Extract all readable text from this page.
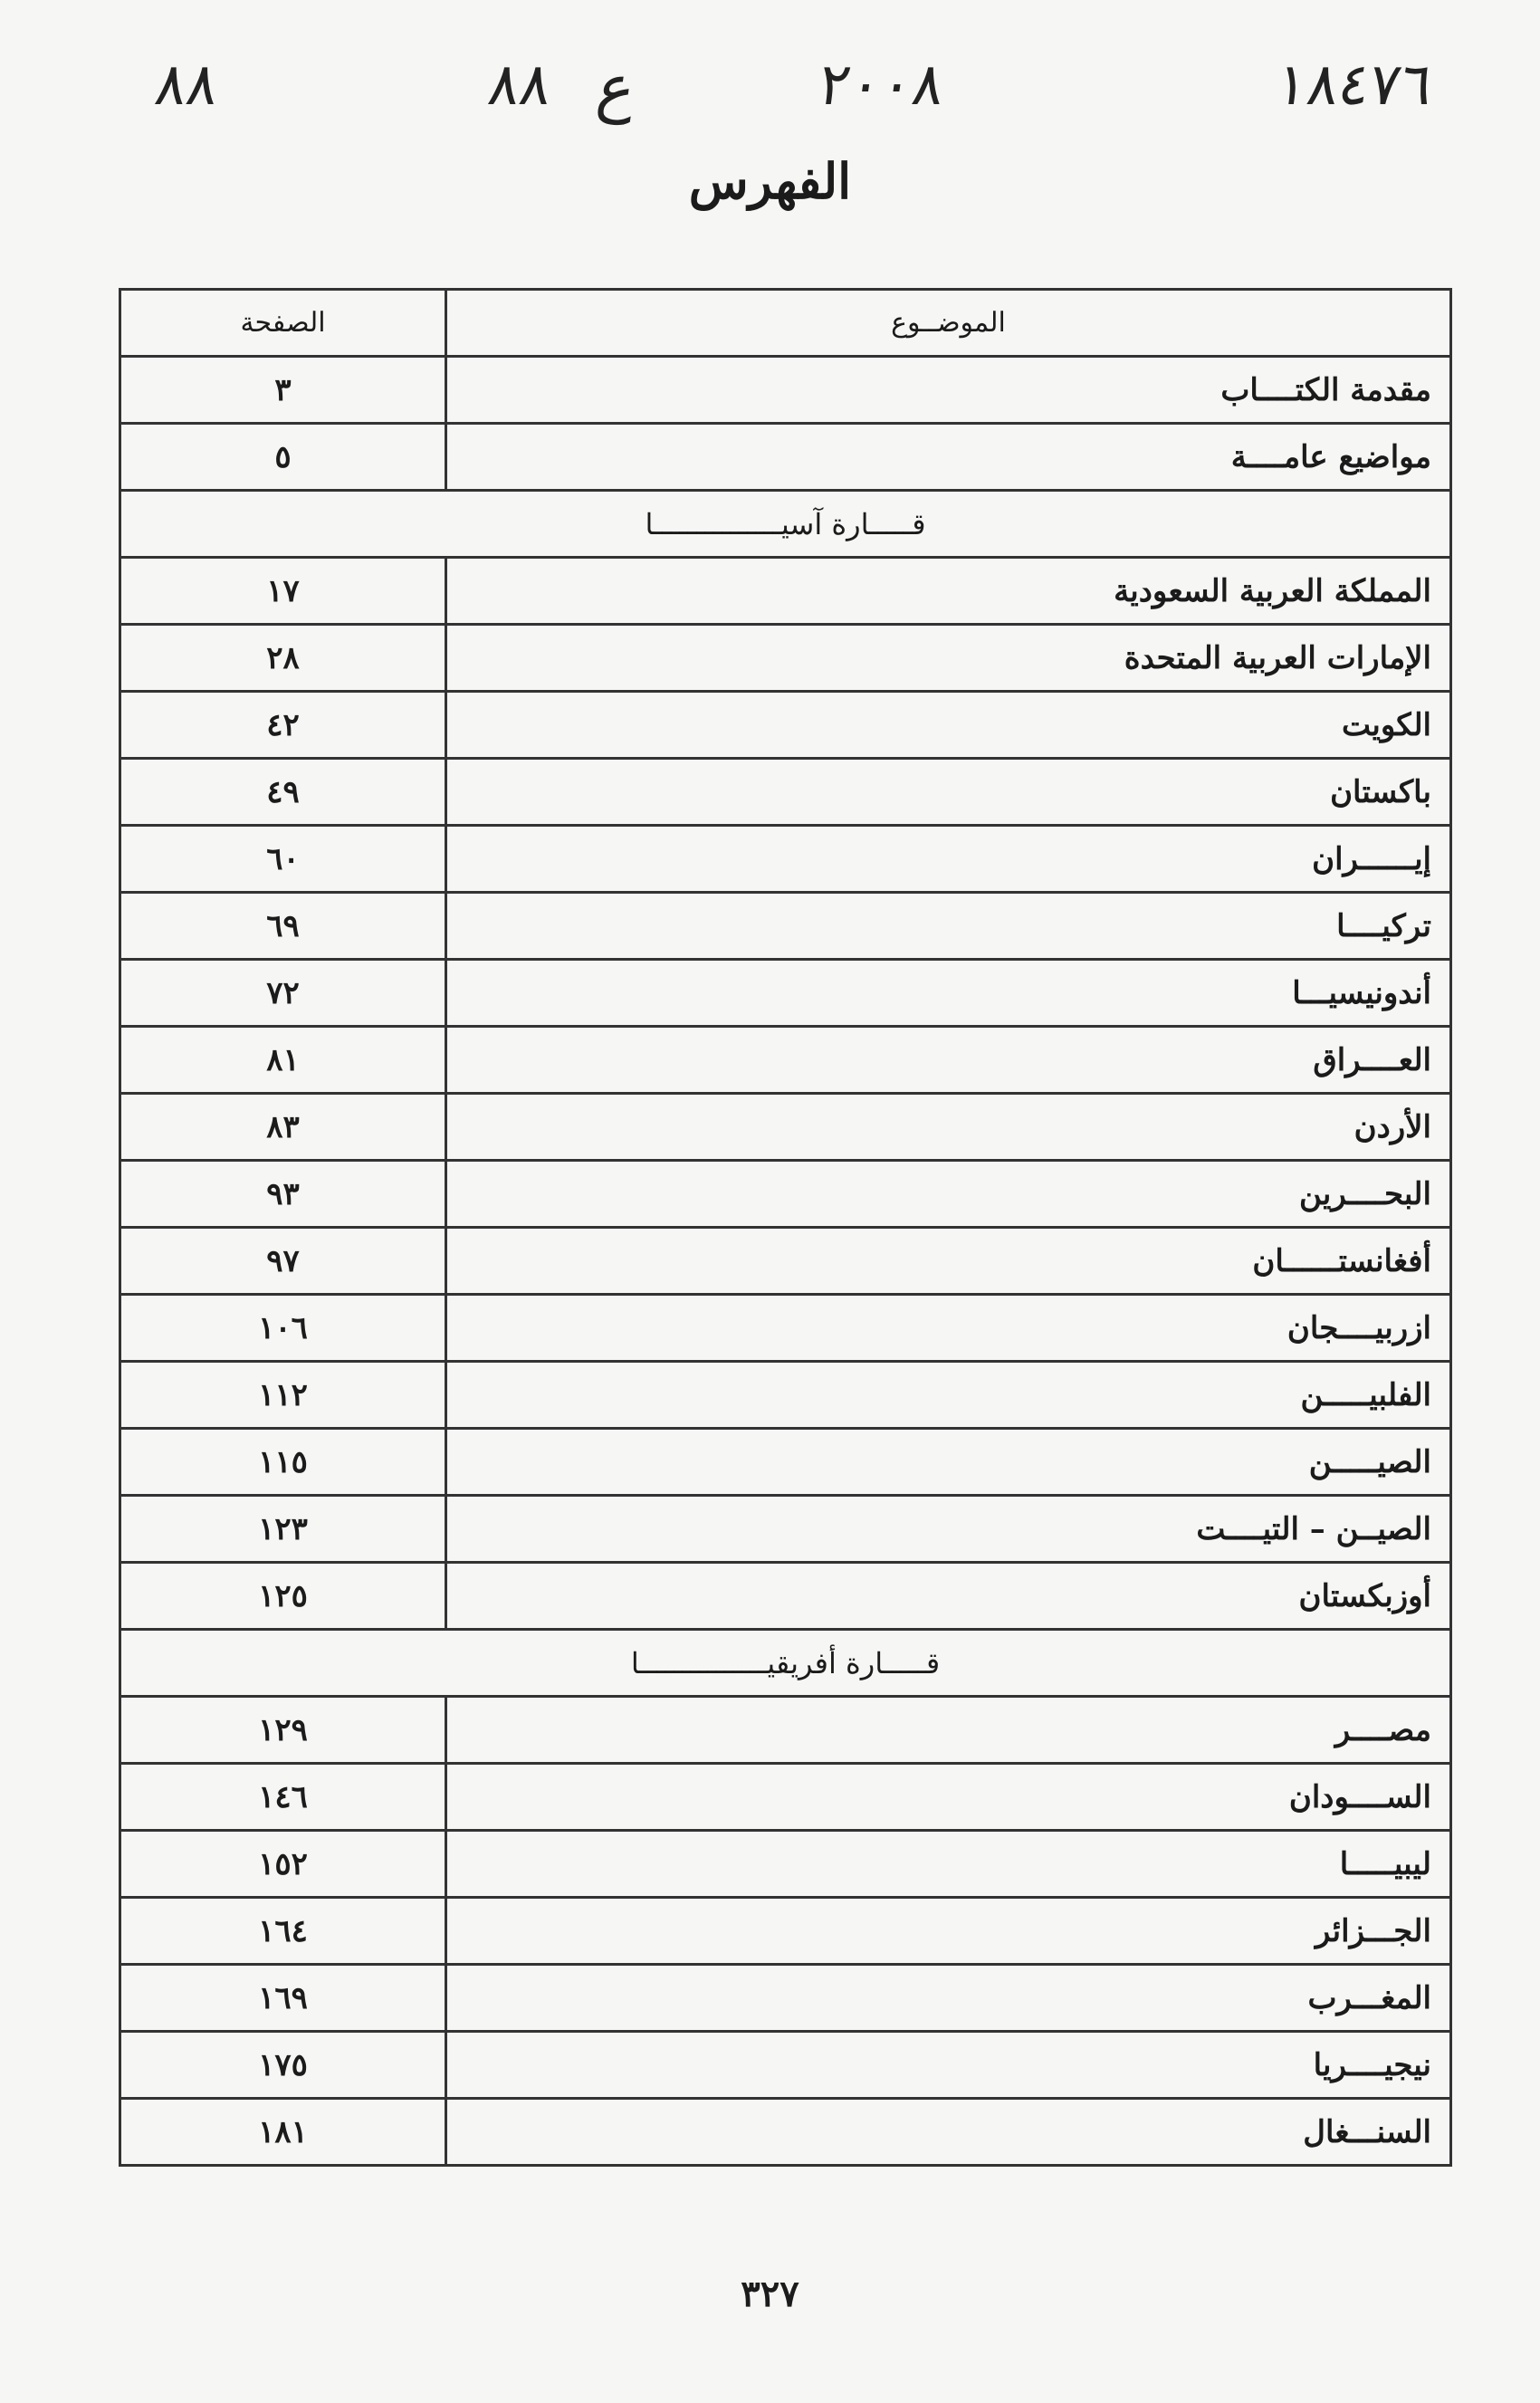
٨٨	٨٨ ع	٢٠٠٨	١٨٤٧٦
الفهرس
الموضــوع	الصفحة
مقدمة الكتــــاب	٣
مواضيع عامــــة	٥
قـــــارة آسيـــــــــــــــا	
المملكة العربية السعودية	١٧
الإمارات العربية المتحدة	٢٨
الكويت	٤٢
باكستان	٤٩
إيــــــران	٦٠
تركيــــا	٦٩
أندونيسيـــا	٧٢
العــــراق	٨١
الأردن	٨٣
البحــــرين	٩٣
أفغانستــــــان	٩٧
ازربيــــجان	١٠٦
الفلبيـــــن	١١٢
الصيـــــن	١١٥
الصيــن – التيــــت	١٢٣
أوزبكستان	١٢٥
قـــــارة أفريقيـــــــــــــــا	
مصــــر	١٢٩
الســــودان	١٤٦
ليبيـــــا	١٥٢
الجـــزائر	١٦٤
المغـــرب	١٦٩
نيجيــــريا	١٧٥
السنـــغال	١٨١
٣٢٧
